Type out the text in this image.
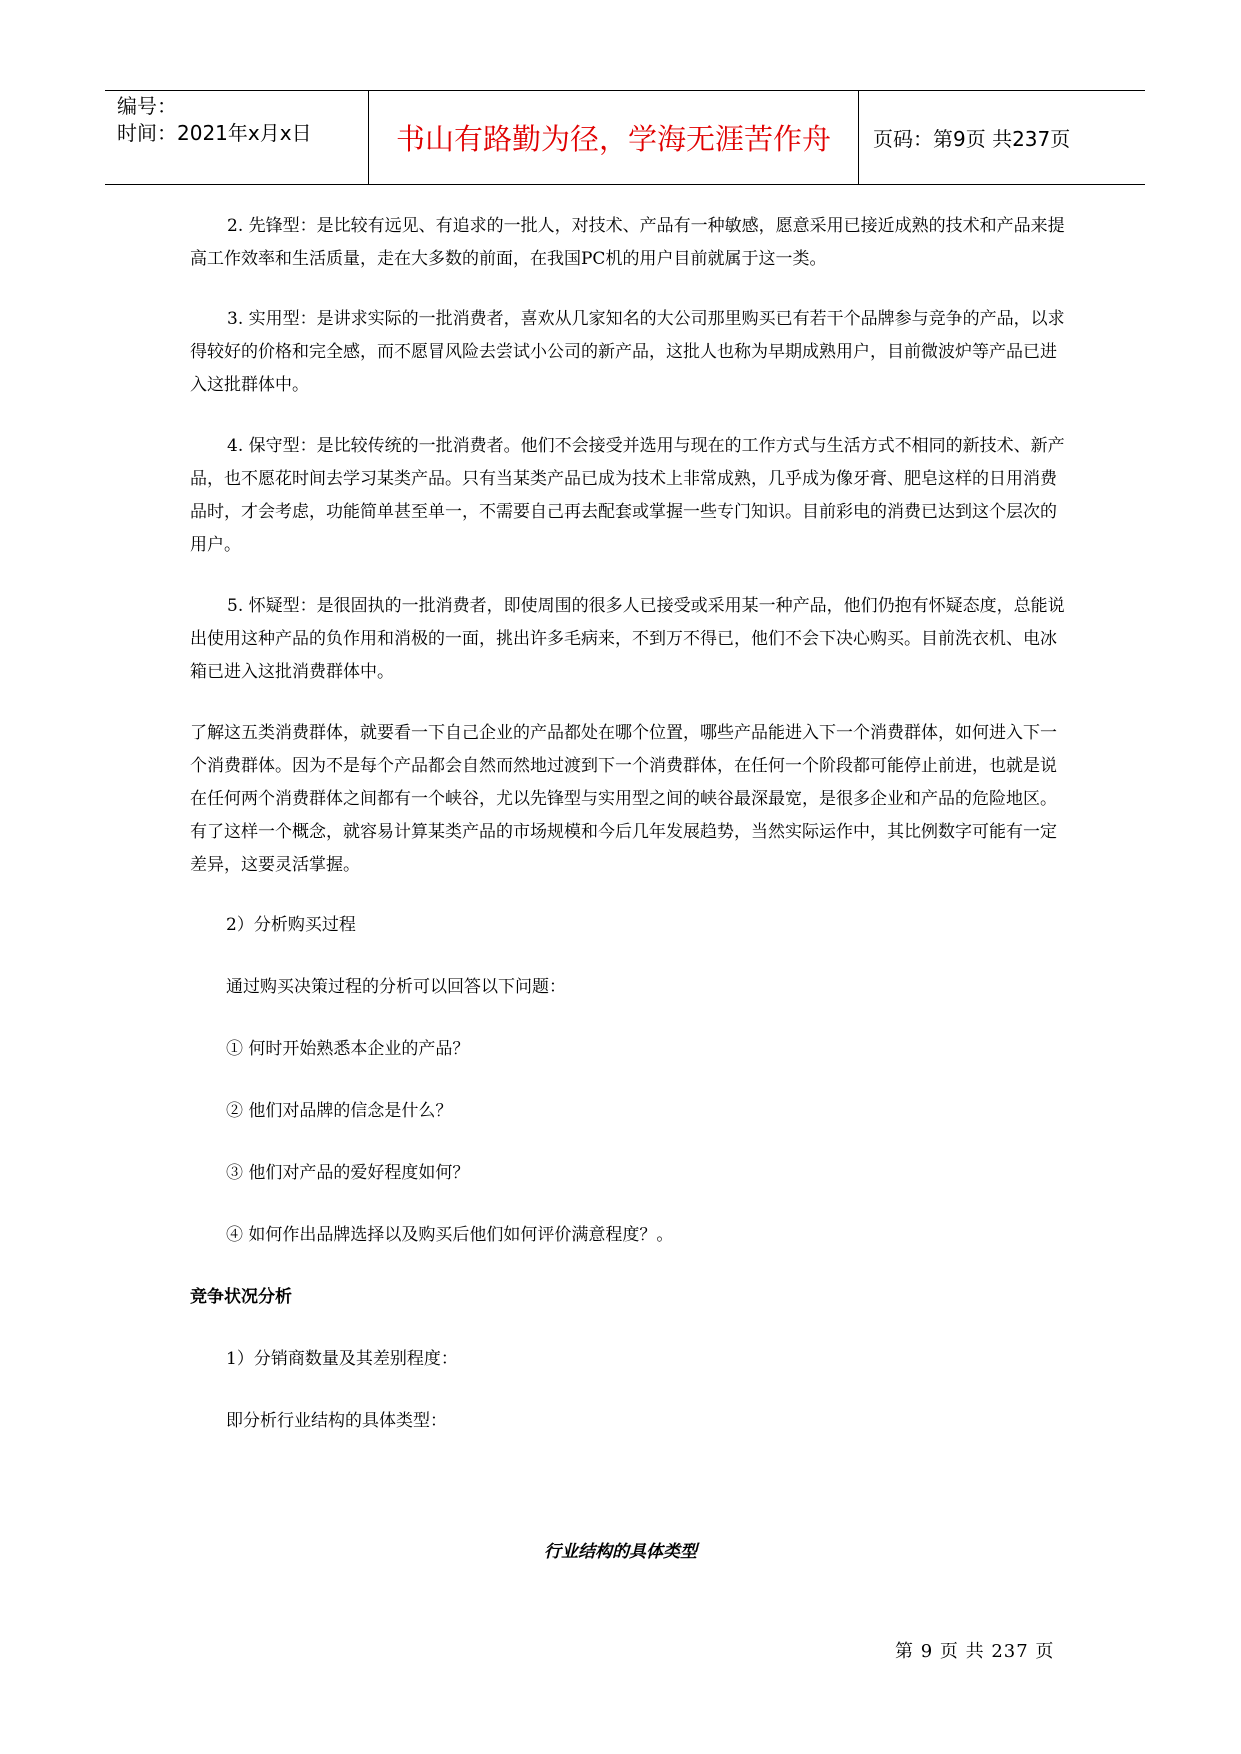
编号：
时间：2021年x月x日	书山有路勤为径，学海无涯苦作舟	页码：第9页 共237页
2. 先锋型：是比较有远见、有追求的一批人，对技术、产品有一种敏感，愿意采用已接近成熟的技术和产品来提高工作效率和生活质量，走在大多数的前面，在我国PC机的用户目前就属于这一类。
3. 实用型：是讲求实际的一批消费者，喜欢从几家知名的大公司那里购买已有若干个品牌参与竞争的产品，以求得较好的价格和完全感，而不愿冒风险去尝试小公司的新产品，这批人也称为早期成熟用户，目前微波炉等产品已进入这批群体中。
4. 保守型：是比较传统的一批消费者。他们不会接受并选用与现在的工作方式与生活方式不相同的新技术、新产品，也不愿花时间去学习某类产品。只有当某类产品已成为技术上非常成熟，几乎成为像牙膏、肥皂这样的日用消费品时，才会考虑，功能简单甚至单一，不需要自己再去配套或掌握一些专门知识。目前彩电的消费已达到这个层次的用户。
5. 怀疑型：是很固执的一批消费者，即使周围的很多人已接受或采用某一种产品，他们仍抱有怀疑态度，总能说出使用这种产品的负作用和消极的一面，挑出许多毛病来，不到万不得已，他们不会下决心购买。目前洗衣机、电冰箱已进入这批消费群体中。
了解这五类消费群体，就要看一下自己企业的产品都处在哪个位置，哪些产品能进入下一个消费群体，如何进入下一个消费群体。因为不是每个产品都会自然而然地过渡到下一个消费群体，在任何一个阶段都可能停止前进，也就是说在任何两个消费群体之间都有一个峡谷，尤以先锋型与实用型之间的峡谷最深最宽，是很多企业和产品的危险地区。有了这样一个概念，就容易计算某类产品的市场规模和今后几年发展趋势，当然实际运作中，其比例数字可能有一定差异，这要灵活掌握。
2）分析购买过程
通过购买决策过程的分析可以回答以下问题：
① 何时开始熟悉本企业的产品？
② 他们对品牌的信念是什么？
③ 他们对产品的爱好程度如何？
④ 如何作出品牌选择以及购买后他们如何评价满意程度？。
竞争状况分析
1）分销商数量及其差别程度：
即分析行业结构的具体类型：
行业结构的具体类型
第 9 页 共 237 页
